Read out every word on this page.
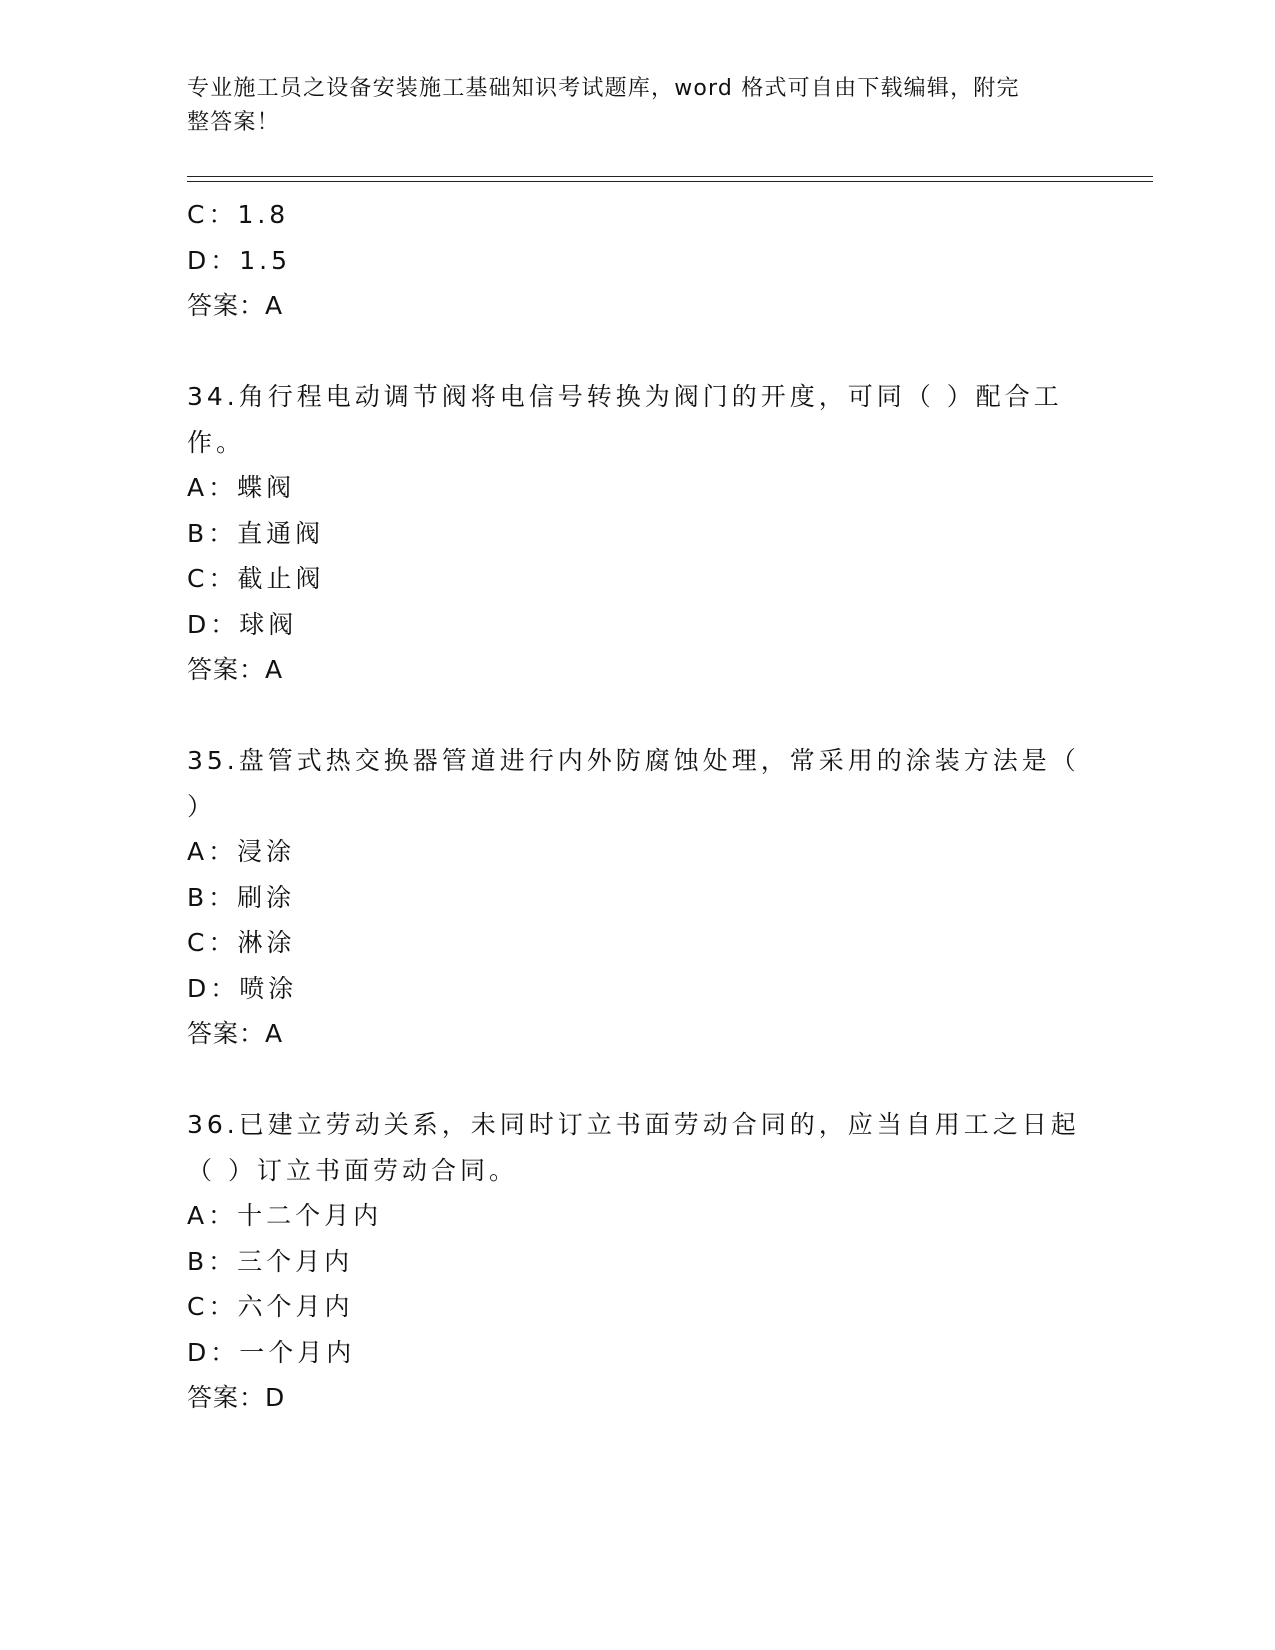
专业施工员之设备安装施工基础知识考试题库，word 格式可自由下载编辑，附完
整答案！
C：1.8
D：1.5
答案：A
34.角行程电动调节阀将电信号转换为阀门的开度，可同（ ）配合工
作。
A：蝶阀
B：直通阀
C：截止阀
D：球阀
答案：A
35.盘管式热交换器管道进行内外防腐蚀处理，常采用的涂装方法是（
）
A：浸涂
B：刷涂
C：淋涂
D：喷涂
答案：A
36.已建立劳动关系，未同时订立书面劳动合同的，应当自用工之日起
（ ）订立书面劳动合同。
A：十二个月内
B：三个月内
C：六个月内
D：一个月内
答案：D
